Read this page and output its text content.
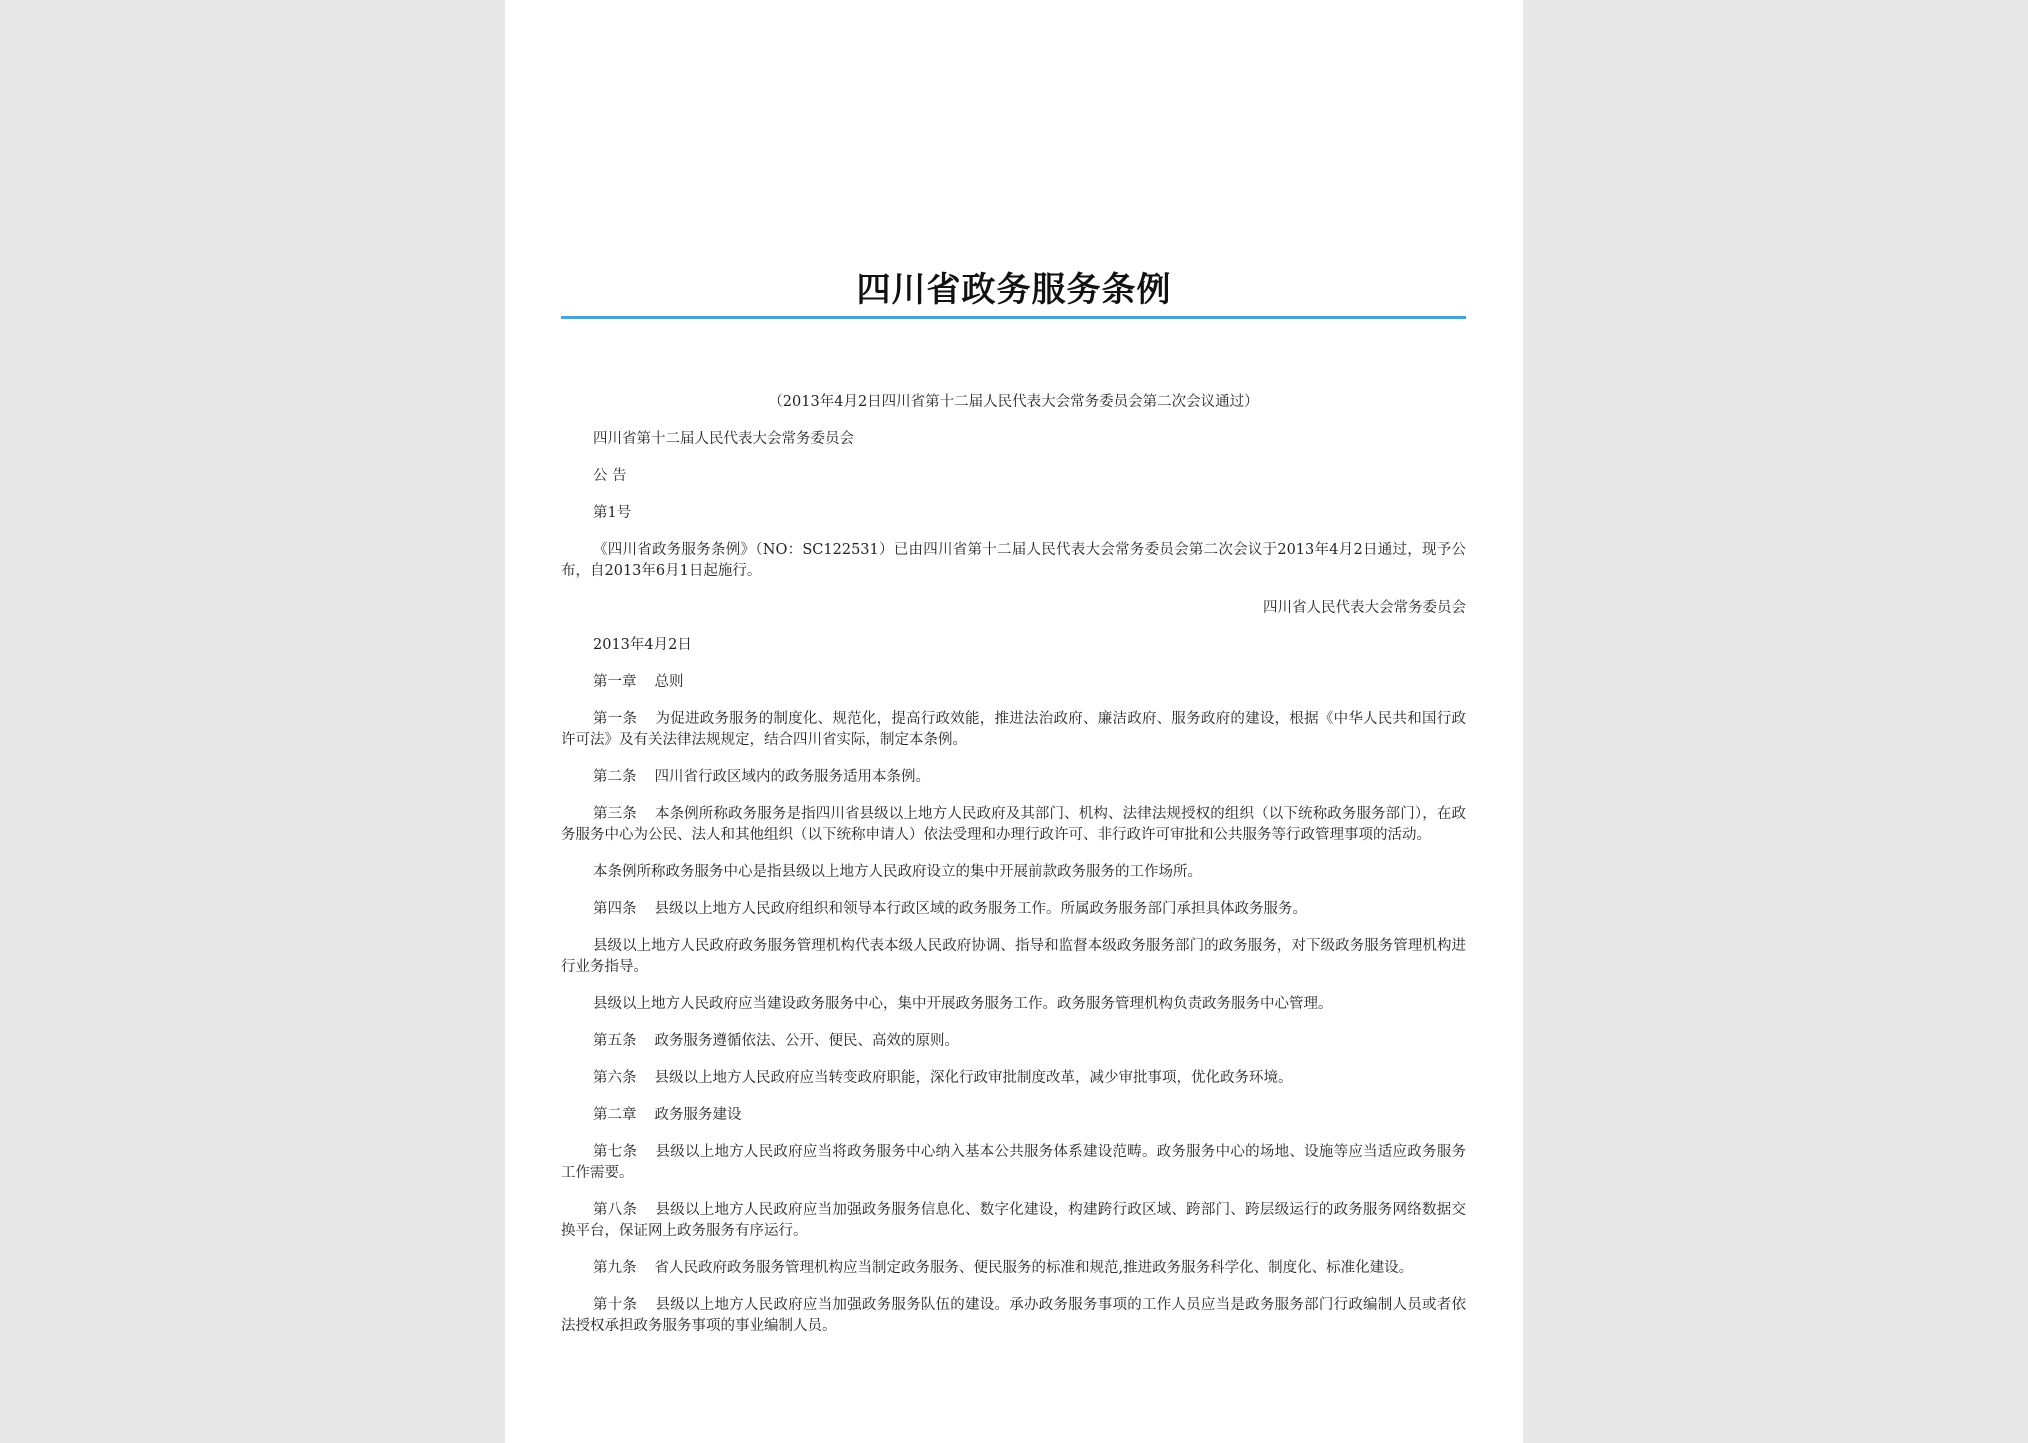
四川省政务服务条例

（2013年4月2日四川省第十二届人民代表大会常务委员会第二次会议通过）

四川省第十二届人民代表大会常务委员会

公 告

第1号

《四川省政务服务条例》（NO：SC122531）已由四川省第十二届人民代表大会常务委员会第二次会议于2013年4月2日通过，现予公布，自2013年6月1日起施行。

四川省人民代表大会常务委员会

2013年4月2日

第一章 总则

第一条 为促进政务服务的制度化、规范化，提高行政效能，推进法治政府、廉洁政府、服务政府的建设，根据《中华人民共和国行政许可法》及有关法律法规规定，结合四川省实际，制定本条例。

第二条 四川省行政区域内的政务服务适用本条例。

第三条 本条例所称政务服务是指四川省县级以上地方人民政府及其部门、机构、法律法规授权的组织（以下统称政务服务部门），在政务服务中心为公民、法人和其他组织（以下统称申请人）依法受理和办理行政许可、非行政许可审批和公共服务等行政管理事项的活动。

本条例所称政务服务中心是指县级以上地方人民政府设立的集中开展前款政务服务的工作场所。

第四条 县级以上地方人民政府组织和领导本行政区域的政务服务工作。所属政务服务部门承担具体政务服务。

县级以上地方人民政府政务服务管理机构代表本级人民政府协调、指导和监督本级政务服务部门的政务服务，对下级政务服务管理机构进行业务指导。

县级以上地方人民政府应当建设政务服务中心，集中开展政务服务工作。政务服务管理机构负责政务服务中心管理。

第五条 政务服务遵循依法、公开、便民、高效的原则。

第六条 县级以上地方人民政府应当转变政府职能，深化行政审批制度改革，减少审批事项，优化政务环境。

第二章 政务服务建设

第七条 县级以上地方人民政府应当将政务服务中心纳入基本公共服务体系建设范畴。政务服务中心的场地、设施等应当适应政务服务工作需要。

第八条 县级以上地方人民政府应当加强政务服务信息化、数字化建设，构建跨行政区域、跨部门、跨层级运行的政务服务网络数据交换平台，保证网上政务服务有序运行。

第九条 省人民政府政务服务管理机构应当制定政务服务、便民服务的标准和规范,推进政务服务科学化、制度化、标准化建设。

第十条 县级以上地方人民政府应当加强政务服务队伍的建设。承办政务服务事项的工作人员应当是政务服务部门行政编制人员或者依法授权承担政务服务事项的事业编制人员。
